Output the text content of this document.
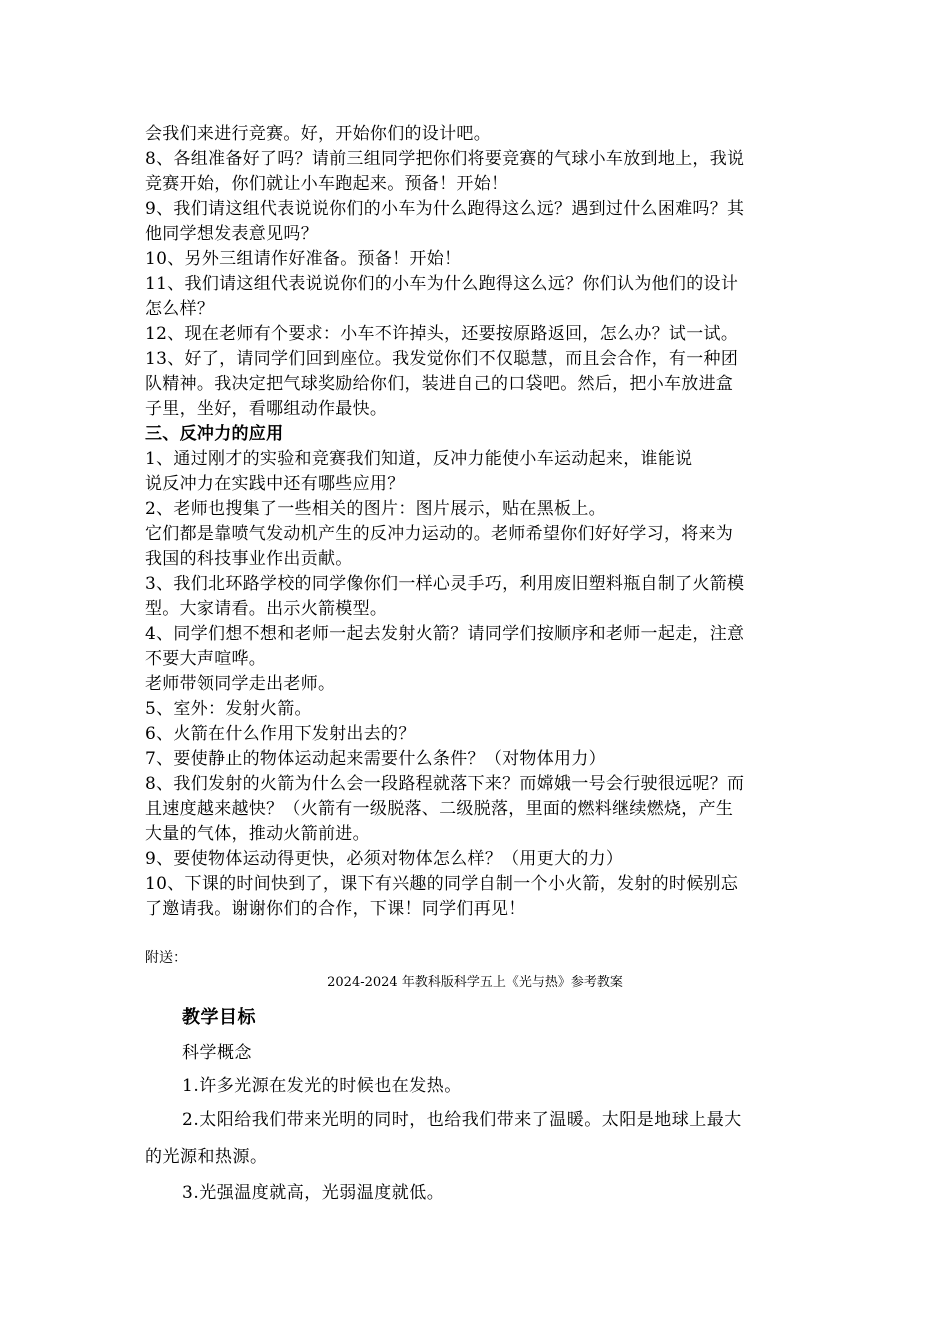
会我们来进行竞赛。好，开始你们的设计吧。
8、各组准备好了吗？请前三组同学把你们将要竞赛的气球小车放到地上，我说
竞赛开始，你们就让小车跑起来。预备！开始！
9、我们请这组代表说说你们的小车为什么跑得这么远？遇到过什么困难吗？其
他同学想发表意见吗？
10、另外三组请作好准备。预备！开始！
11、我们请这组代表说说你们的小车为什么跑得这么远？你们认为他们的设计
怎么样？
12、现在老师有个要求：小车不许掉头，还要按原路返回，怎么办？试一试。
13、好了，请同学们回到座位。我发觉你们不仅聪慧，而且会合作，有一种团
队精神。我决定把气球奖励给你们，装进自己的口袋吧。然后，把小车放进盒
子里，坐好，看哪组动作最快。
三、反冲力的应用
1、通过刚才的实验和竞赛我们知道，反冲力能使小车运动起来，谁能说
说反冲力在实践中还有哪些应用？
2、老师也搜集了一些相关的图片：图片展示，贴在黑板上。
它们都是靠喷气发动机产生的反冲力运动的。老师希望你们好好学习，将来为
我国的科技事业作出贡献。
3、我们北环路学校的同学像你们一样心灵手巧，利用废旧塑料瓶自制了火箭模
型。大家请看。出示火箭模型。
4、同学们想不想和老师一起去发射火箭？请同学们按顺序和老师一起走，注意
不要大声喧哗。
老师带领同学走出老师。
5、室外：发射火箭。
6、火箭在什么作用下发射出去的？
7、要使静止的物体运动起来需要什么条件？（对物体用力）
8、我们发射的火箭为什么会一段路程就落下来？而嫦娥一号会行驶很远呢？而
且速度越来越快？（火箭有一级脱落、二级脱落，里面的燃料继续燃烧，产生
大量的气体，推动火箭前进。
9、要使物体运动得更快，必须对物体怎么样？（用更大的力）
10、下课的时间快到了，课下有兴趣的同学自制一个小火箭，发射的时候别忘
了邀请我。谢谢你们的合作，下课！同学们再见！
附送：
2024-2024 年教科版科学五上《光与热》参考教案
教学目标
科学概念
1.许多光源在发光的时候也在发热。
2.太阳给我们带来光明的同时，也给我们带来了温暖。太阳是地球上最大
的光源和热源。
3.光强温度就高，光弱温度就低。
